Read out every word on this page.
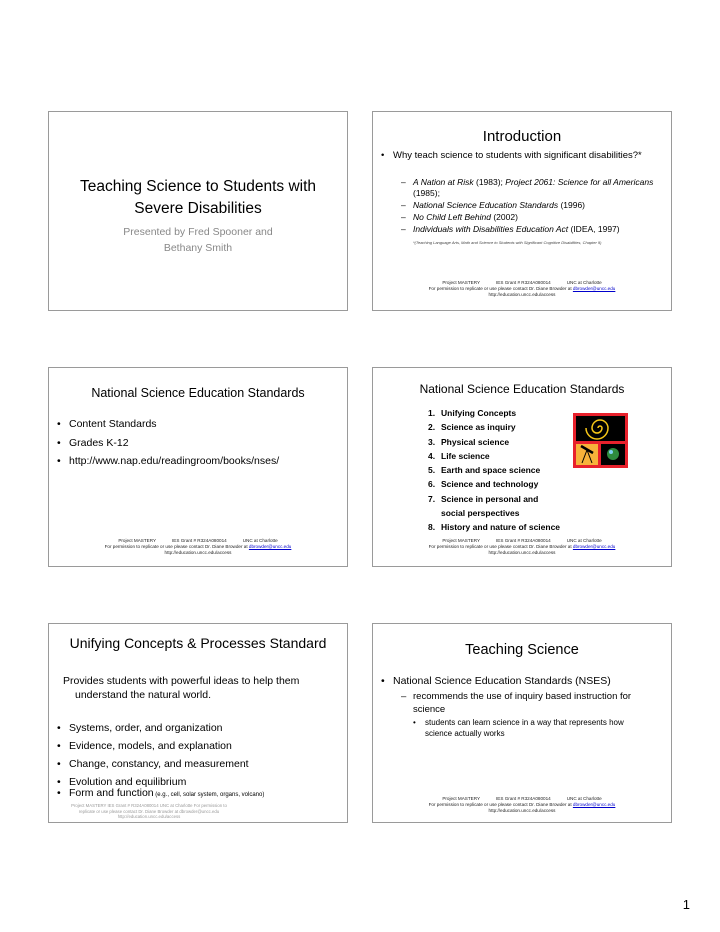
Teaching Science to Students with Severe Disabilities
Presented by Fred Spooner and
Bethany Smith
Introduction
• Why teach science to students with significant disabilities?*
– A Nation at Risk (1983); Project 2061: Science for all Americans (1985);
– National Science Education Standards (1996)
– No Child Left Behind (2002)
– Individuals with Disabilities Education Act (IDEA, 1997)
*(Teaching Language Arts, Math and Science to Students with Significant Cognitive Disabilities, Chapter 9)
Project MASTERY	IES Grant # R324A080014	UNC at Charlotte
For permission to replicate or use please contact Dr. Diane Browder at dbrowder@uncc.edu
http://education.uncc.edu/access
National Science Education Standards
• Content Standards
• Grades K-12
• http://www.nap.edu/readingroom/books/nses/
Project MASTERY	IES Grant # R324A080014	UNC at Charlotte
For permission to replicate or use please contact Dr. Diane Browder at dbrowder@uncc.edu
http://education.uncc.edu/access
National Science Education Standards
1. Unifying Concepts
2. Science as inquiry
3. Physical science
4. Life science
5. Earth and space science
6. Science and technology
7. Science in personal and social perspectives
8. History and nature of science
Project MASTERY	IES Grant # R324A080014	UNC at Charlotte
For permission to replicate or use please contact Dr. Diane Browder at dbrowder@uncc.edu
http://education.uncc.edu/access
Unifying Concepts & Processes Standard
Provides students with powerful ideas to help them understand the natural world.
• Systems, order, and organization
• Evidence, models, and explanation
• Change, constancy, and measurement
• Evolution and equilibrium
• Form and function (e.g., cell, solar system, organs, volcano)
Project MASTERY IES Grant # R324A080014 UNC at Charlotte For permission to replicate or use please contact Dr. Diane Browder at dbrowder@uncc.edu http://education.uncc.edu/access
Teaching Science
• National Science Education Standards (NSES)
– recommends the use of inquiry based instruction for science
• students can learn science in a way that represents how science actually works
Project MASTERY	IES Grant # R324A080014	UNC at Charlotte
For permission to replicate or use please contact Dr. Diane Browder at dbrowder@uncc.edu
http://education.uncc.edu/access
1
